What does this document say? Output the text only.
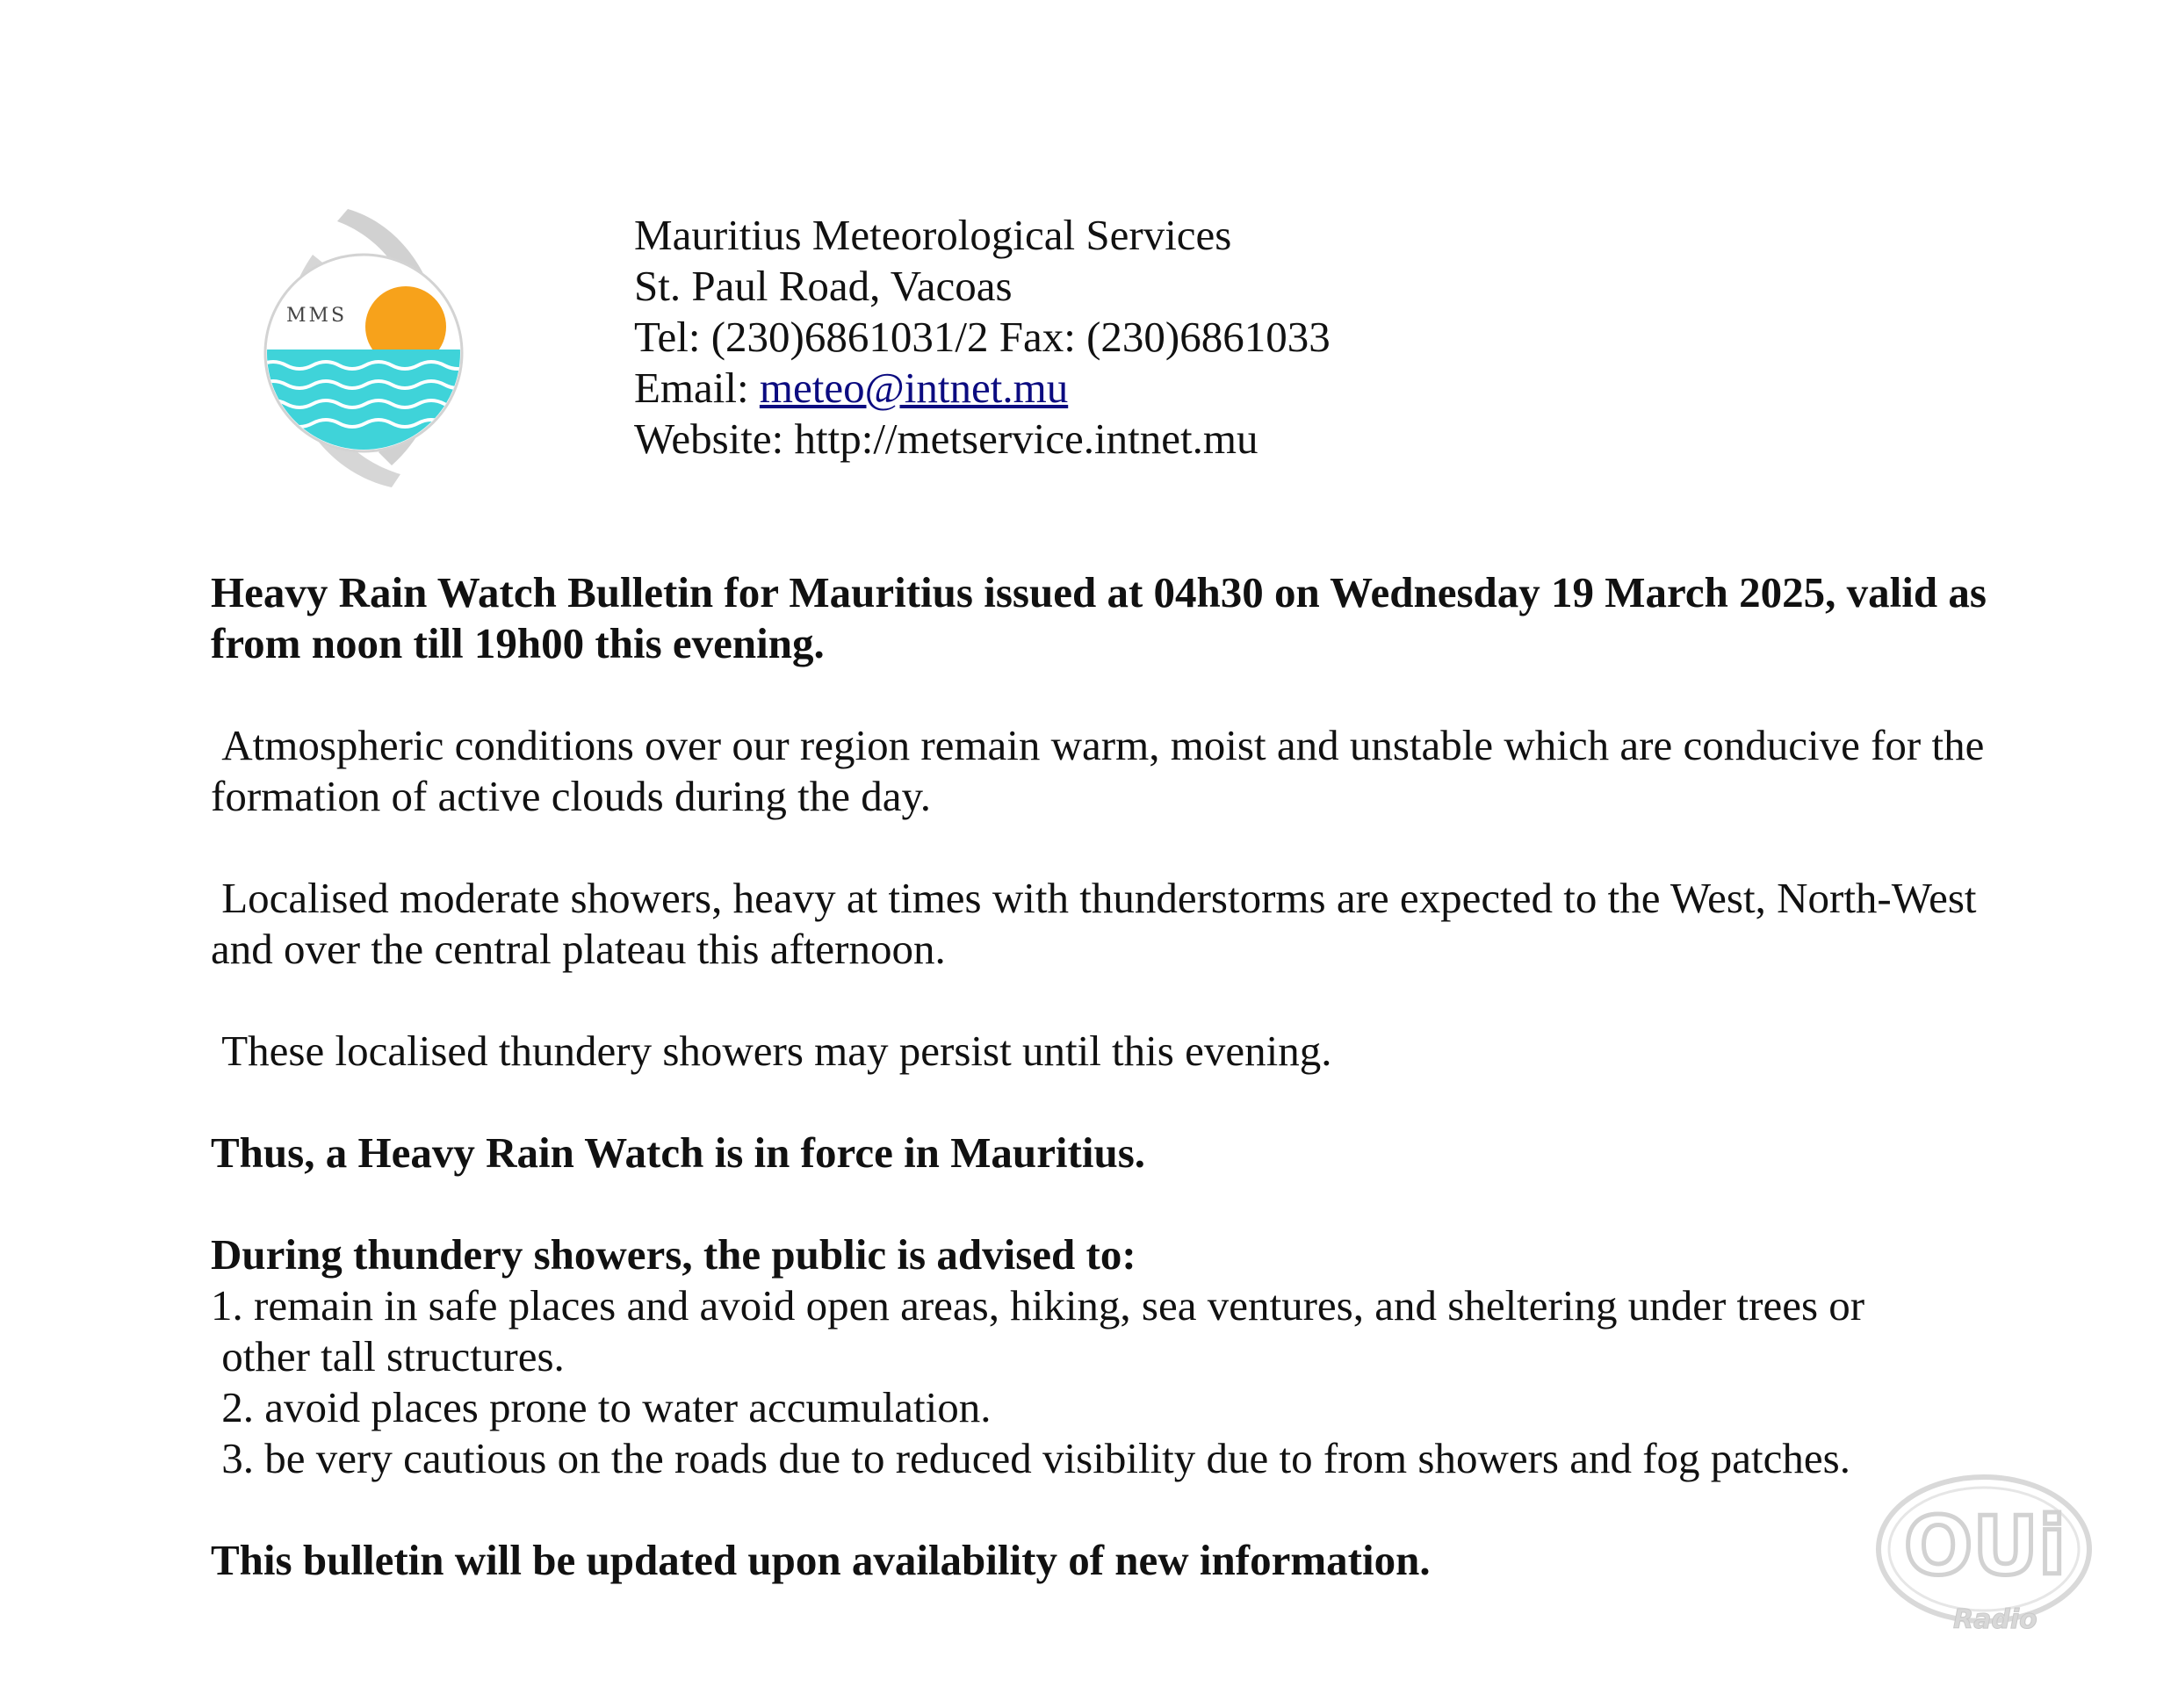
MMS
Mauritius Meteorological Services
St. Paul Road, Vacoas
Tel: (230)6861031/2 Fax: (230)6861033
Email: meteo@intnet.mu
Website: http://metservice.intnet.mu

Heavy Rain Watch Bulletin for Mauritius issued at 04h30 on Wednesday 19 March 2025, valid as from noon till 19h00 this evening.

Atmospheric conditions over our region remain warm, moist and unstable which are conducive for the formation of active clouds during the day.

Localised moderate showers, heavy at times with thunderstorms are expected to the West, North-West and over the central plateau this afternoon.

These localised thundery showers may persist until this evening.

Thus, a Heavy Rain Watch is in force in Mauritius.

During thundery showers, the public is advised to:

1. remain in safe places and avoid open areas, hiking, sea ventures, and sheltering under trees or

other tall structures.

2. avoid places prone to water accumulation.

3. be very cautious on the roads due to reduced visibility due to from showers and fog patches.

This bulletin will be updated upon availability of new information.	OUi
Radio
